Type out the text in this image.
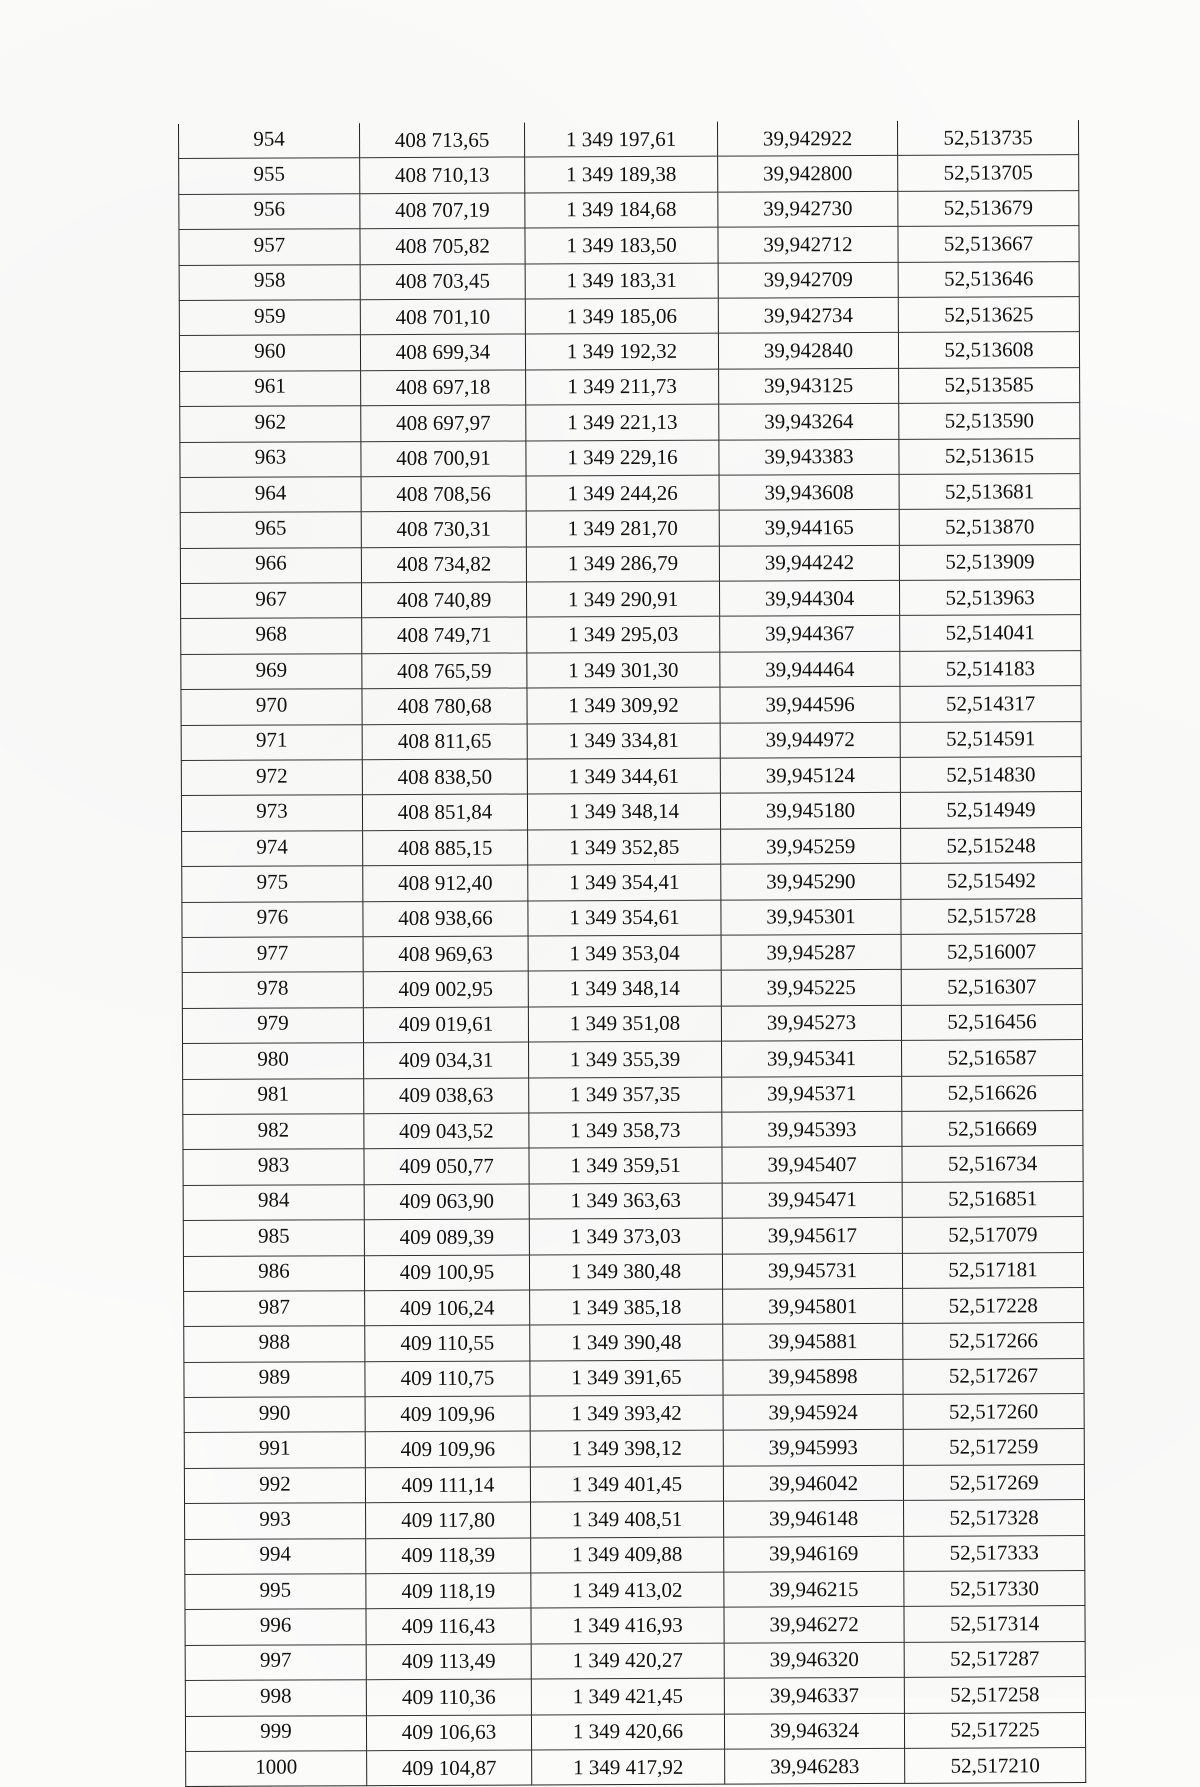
954	408 713,65	1 349 197,61	39,942922	52,513735
955	408 710,13	1 349 189,38	39,942800	52,513705
956	408 707,19	1 349 184,68	39,942730	52,513679
957	408 705,82	1 349 183,50	39,942712	52,513667
958	408 703,45	1 349 183,31	39,942709	52,513646
959	408 701,10	1 349 185,06	39,942734	52,513625
960	408 699,34	1 349 192,32	39,942840	52,513608
961	408 697,18	1 349 211,73	39,943125	52,513585
962	408 697,97	1 349 221,13	39,943264	52,513590
963	408 700,91	1 349 229,16	39,943383	52,513615
964	408 708,56	1 349 244,26	39,943608	52,513681
965	408 730,31	1 349 281,70	39,944165	52,513870
966	408 734,82	1 349 286,79	39,944242	52,513909
967	408 740,89	1 349 290,91	39,944304	52,513963
968	408 749,71	1 349 295,03	39,944367	52,514041
969	408 765,59	1 349 301,30	39,944464	52,514183
970	408 780,68	1 349 309,92	39,944596	52,514317
971	408 811,65	1 349 334,81	39,944972	52,514591
972	408 838,50	1 349 344,61	39,945124	52,514830
973	408 851,84	1 349 348,14	39,945180	52,514949
974	408 885,15	1 349 352,85	39,945259	52,515248
975	408 912,40	1 349 354,41	39,945290	52,515492
976	408 938,66	1 349 354,61	39,945301	52,515728
977	408 969,63	1 349 353,04	39,945287	52,516007
978	409 002,95	1 349 348,14	39,945225	52,516307
979	409 019,61	1 349 351,08	39,945273	52,516456
980	409 034,31	1 349 355,39	39,945341	52,516587
981	409 038,63	1 349 357,35	39,945371	52,516626
982	409 043,52	1 349 358,73	39,945393	52,516669
983	409 050,77	1 349 359,51	39,945407	52,516734
984	409 063,90	1 349 363,63	39,945471	52,516851
985	409 089,39	1 349 373,03	39,945617	52,517079
986	409 100,95	1 349 380,48	39,945731	52,517181
987	409 106,24	1 349 385,18	39,945801	52,517228
988	409 110,55	1 349 390,48	39,945881	52,517266
989	409 110,75	1 349 391,65	39,945898	52,517267
990	409 109,96	1 349 393,42	39,945924	52,517260
991	409 109,96	1 349 398,12	39,945993	52,517259
992	409 111,14	1 349 401,45	39,946042	52,517269
993	409 117,80	1 349 408,51	39,946148	52,517328
994	409 118,39	1 349 409,88	39,946169	52,517333
995	409 118,19	1 349 413,02	39,946215	52,517330
996	409 116,43	1 349 416,93	39,946272	52,517314
997	409 113,49	1 349 420,27	39,946320	52,517287
998	409 110,36	1 349 421,45	39,946337	52,517258
999	409 106,63	1 349 420,66	39,946324	52,517225
1000	409 104,87	1 349 417,92	39,946283	52,517210
